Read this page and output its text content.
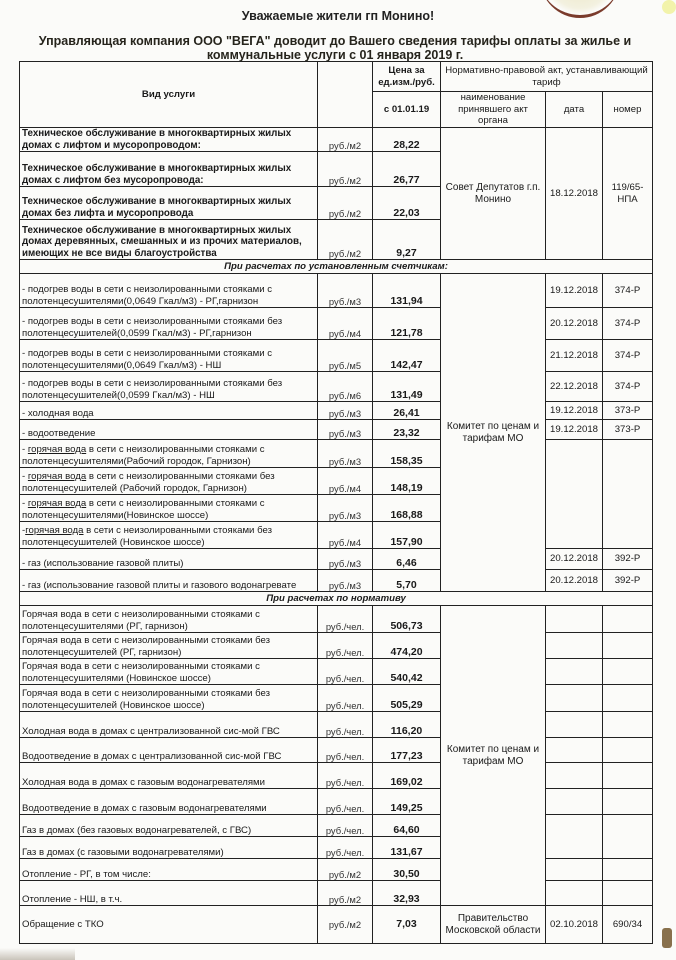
Уважаемые жители гп Монино!

Управляющая компания ООО "ВЕГА" доводит до Вашего сведения тарифы оплаты за жилье и коммунальные услуги с 01 января 2019 г.

Вид услуги		Цена за ед.изм./руб.	Нормативно-правовой акт, устанавливающий тариф		
		с 01.01.19	наименование принявшего акт органа	дата	номер
Техническое обслуживание в многоквартирных жилых домах с лифтом и мусоропроводом:	руб./м2	28,22	Совет Депутатов г.п. Монино	18.12.2018	119/65-НПА
Техническое обслуживание в многоквартирных жилых домах с лифтом без мусоропровода:	руб./м2	26,77			
Техническое обслуживание в многоквартирных жилых домах без лифта и мусоропровода	руб./м2	22,03			
Техническое обслуживание в многоквартирных жилых домах деревянных, смешанных и из прочих материалов, имеющих не все виды благоустройства	руб./м2	9,27			
При расчетах по установленным счетчикам:					
- подогрев воды в сети с неизолированными стояками с полотенцесушителями(0,0649 Гкал/м3) - РГ,гарнизон	руб./м3	131,94	Комитет по ценам и тарифам МО	19.12.2018	374-Р
- подогрев воды в сети с неизолированными стояками без полотенцесушителей(0,0599 Гкал/м3) - РГ,гарнизон	руб./м4	121,78		20.12.2018	374-Р
- подогрев воды в сети с неизолированными стояками с полотенцесушителями(0,0649 Гкал/м3) - НШ	руб./м5	142,47		21.12.2018	374-Р
- подогрев воды в сети с неизолированными стояками без полотенцесушителей(0,0599 Гкал/м3) - НШ	руб./м6	131,49		22.12.2018	374-Р
- холодная вода	руб./м3	26,41		19.12.2018	373-Р
- водоотведение	руб./м3	23,32		19.12.2018	373-Р
- горячая вода в сети с неизолированными стояками с полотенцесушителями(Рабочий городок, Гарнизон)	руб./м3	158,35			
- горячая вода в сети с неизолированными стояками без полотенцесушителей (Рабочий городок, Гарнизон)	руб./м4	148,19			
- горячая вода в сети с неизолированными стояками с полотенцесушителями(Новинское шоссе)	руб./м3	168,88			
-горячая вода в сети с неизолированными стояками без полотенцесушителей (Новинское шоссе)	руб./м4	157,90			
- газ (использование газовой плиты)	руб./м3	6,46		20.12.2018	392-Р
- газ (использование газовой плиты и газового водонагревате	руб./м3	5,70		20.12.2018	392-Р
При расчетах по нормативу					
Горячая вода в сети с неизолированными стояками с полотенцесушителями (РГ, гарнизон)	руб./чел.	506,73	Комитет по ценам и тарифам МО		
Горячая вода в сети с неизолированными стояками без полотенцесушителей (РГ, гарнизон)	руб./чел.	474,20			
Горячая вода в сети с неизолированными стояками с полотенцесушителями (Новинское шоссе)	руб./чел.	540,42			
Горячая вода в сети с неизолированными стояками без полотенцесушителей (Новинское шоссе)	руб./чел.	505,29			
Холодная вода в домах с централизованной сис-мой ГВС	руб./чел.	116,20			
Водоотведение в домах с централизованной сис-мой ГВС	руб./чел.	177,23			
Холодная вода в домах с газовым водонагревателями	руб./чел.	169,02			
Водоотведение в домах с газовым водонагревателями	руб./чел.	149,25			
Газ в домах (без газовых водонагревателей, с ГВС)	руб./чел.	64,60			
Газ в домах (с газовыми водонагревателями)	руб./чел.	131,67			
Отопление - РГ, в том числе:	руб./м2	30,50			
Отопление - НШ, в т.ч.	руб./м2	32,93			
Обращение с ТКО	руб./м2	7,03	Правительство Московской области	02.10.2018	690/34
